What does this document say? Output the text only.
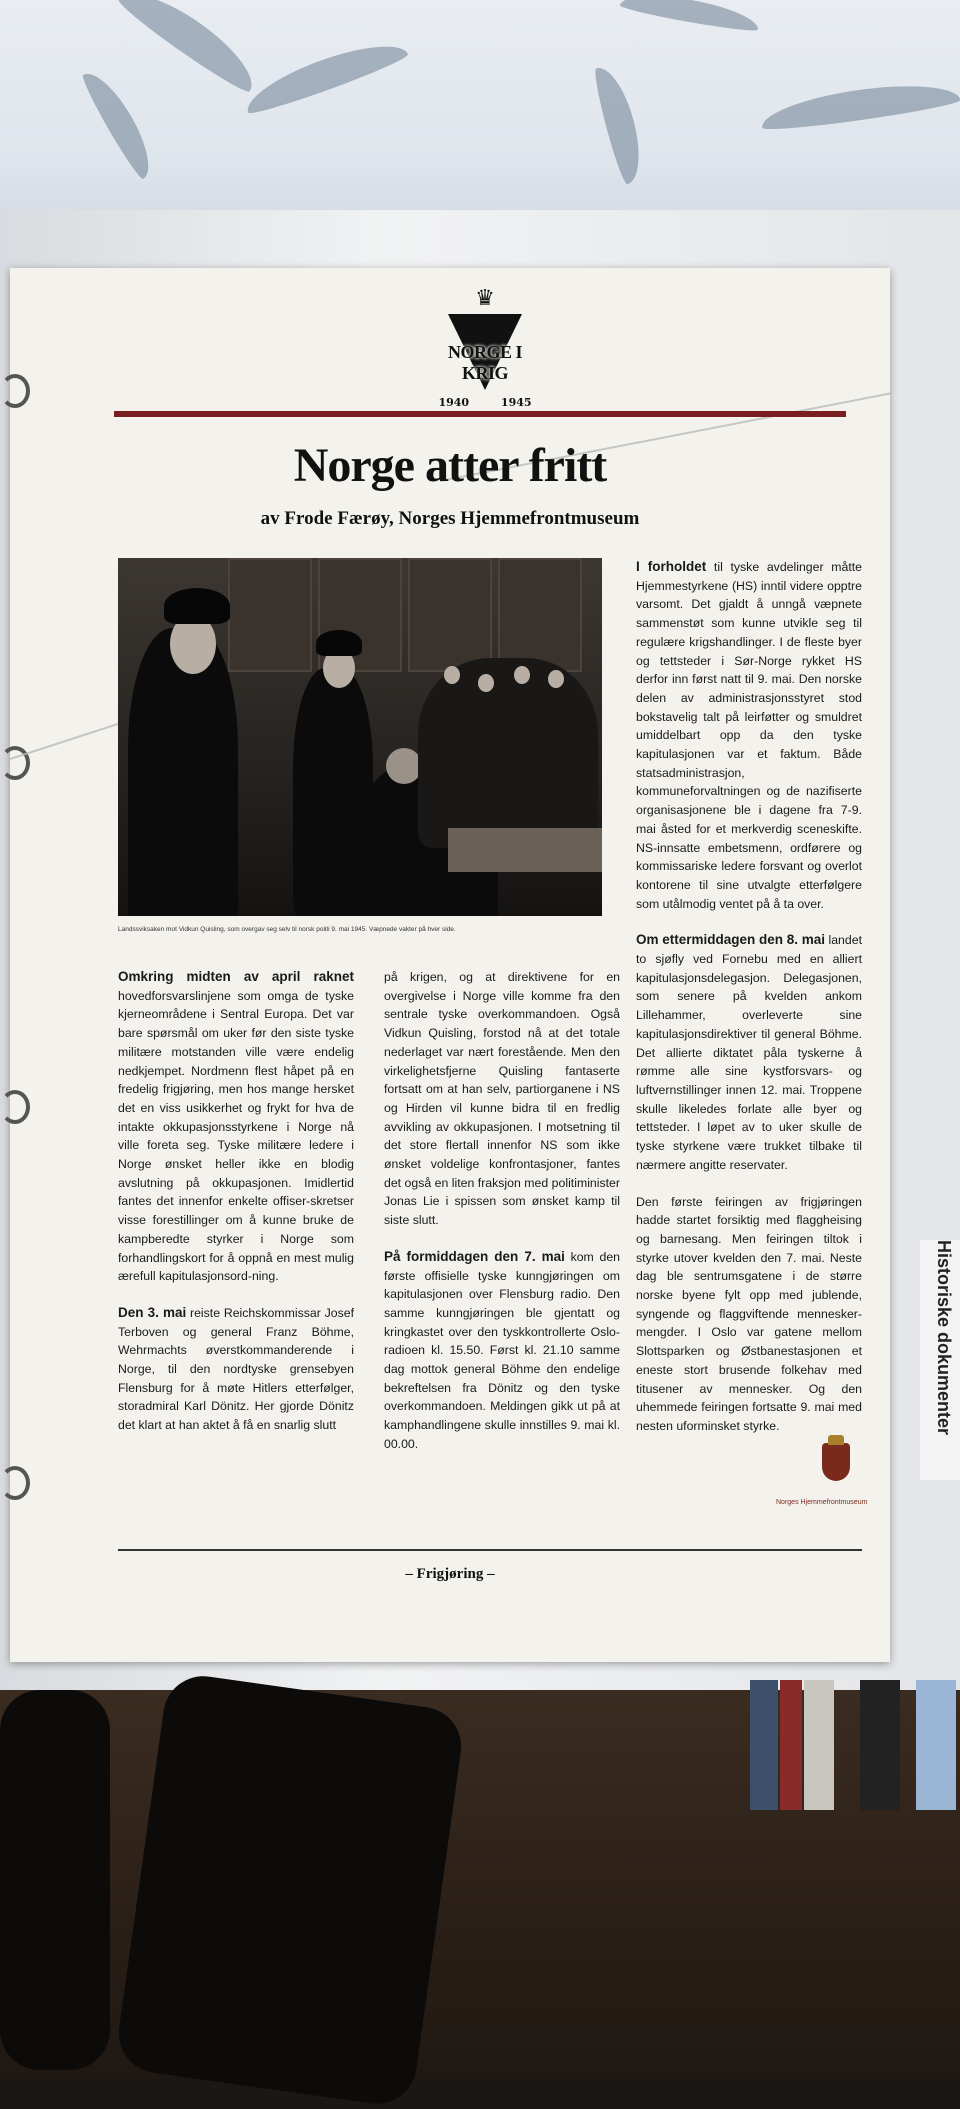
Historiske dokumenter
♛
NORGE I KRIG
1940	1945
Norge atter fritt
av Frode Færøy, Norges Hjemmefrontmuseum
Landssviksaken mot Vidkun Quisling, som overgav seg selv til norsk politi 9. mai 1945. Væpnede vakter på hver side.

Omkring midten av april raknet hovedforsvarslinjene som omga de tyske kjerneområdene i Sentral Europa. Det var bare spørsmål om uker før den siste tyske militære motstanden ville være endelig nedkjempet. Nordmenn flest håpet på en fredelig frigjøring, men hos mange hersket det en viss usikkerhet og frykt for hva de intakte okkupasjonsstyrkene i Norge nå ville foreta seg. Tyske militære ledere i Norge ønsket heller ikke en blodig avslutning på okkupasjonen. Imidlertid fantes det innenfor enkelte offiser-skretser visse forestillinger om å kunne bruke de kampberedte styrker i Norge som forhandlingskort for å oppnå en mest mulig ærefull kapitulasjonsord-ning.

Den 3. mai reiste Reichskommissar Josef Terboven og general Franz Böhme, Wehrmachts øverstkommanderende i Norge, til den nordtyske grensebyen Flensburg for å møte Hitlers etterfølger, storadmiral Karl Dönitz. Her gjorde Dönitz det klart at han aktet å få en snarlig slutt

på krigen, og at direktivene for en overgivelse i Norge ville komme fra den sentrale tyske overkommandoen. Også Vidkun Quisling, forstod nå at det totale nederlaget var nært forestående. Men den virkelighetsfjerne Quisling fantaserte fortsatt om at han selv, partiorganene i NS og Hirden vil kunne bidra til en fredlig avvikling av okkupasjonen. I motsetning til det store flertall innenfor NS som ikke ønsket voldelige konfrontasjoner, fantes det også en liten fraksjon med politiminister Jonas Lie i spissen som ønsket kamp til siste slutt.

På formiddagen den 7. mai kom den første offisielle tyske kunngjøringen om kapitulasjonen over Flensburg radio. Den samme kunngjøringen ble gjentatt og kringkastet over den tyskkontrollerte Oslo-radioen kl. 15.50. Først kl. 21.10 samme dag mottok general Böhme den endelige bekreftelsen fra Dönitz og den tyske overkommandoen. Meldingen gikk ut på at kamphandlingene skulle innstilles 9. mai kl. 00.00.

I forholdet til tyske avdelinger måtte Hjemmestyrkene (HS) inntil videre opptre varsomt. Det gjaldt å unngå væpnete sammenstøt som kunne utvikle seg til regulære krigshandlinger. I de fleste byer og tettsteder i Sør-Norge rykket HS derfor inn først natt til 9. mai. Den norske delen av administrasjonsstyret stod bokstavelig talt på leirføtter og smuldret umiddelbart opp da den tyske kapitulasjonen var et faktum. Både statsadministrasjon, kommuneforvaltningen og de nazifiserte organisasjonene ble i dagene fra 7-9. mai åsted for et merkverdig sceneskifte. NS-innsatte embetsmenn, ordførere og kommissariske ledere forsvant og overlot kontorene til sine utvalgte etterfølgere som utålmodig ventet på å ta over.

Om ettermiddagen den 8. mai landet to sjøfly ved Fornebu med en alliert kapitulasjonsdelegasjon. Delegasjonen, som senere på kvelden ankom Lillehammer, overleverte sine kapitulasjonsdirektiver til general Böhme. Det allierte diktatet påla tyskerne å rømme alle sine kystforsvars- og luftvernstillinger innen 12. mai. Troppene skulle likeledes forlate alle byer og tettsteder. I løpet av to uker skulle de tyske styrkene være trukket tilbake til nærmere angitte reservater.

Den første feiringen av frigjøringen hadde startet forsiktig med flaggheising og barnesang. Men feiringen tiltok i styrke utover kvelden den 7. mai. Neste dag ble sentrumsgatene i de større norske byene fylt opp med jublende, syngende og flaggviftende mennesker-mengder. I Oslo var gatene mellom Slottsparken og Østbanestasjonen et eneste stort brusende folkehav med titusener av mennesker. Og den uhemmede feiringen fortsatte 9. mai med nesten uforminsket styrke.

Norges Hjemmefrontmuseum
– Frigjøring –
